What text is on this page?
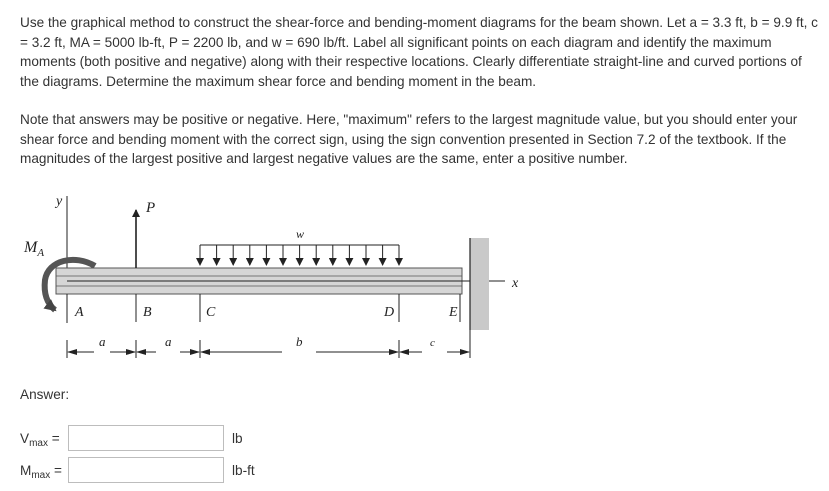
Use the graphical method to construct the shear-force and bending-moment diagrams for the beam shown. Let a = 3.3 ft, b = 9.9 ft, c = 3.2 ft, MA = 5000 lb-ft, P = 2200 lb, and w = 690 lb/ft. Label all significant points on each diagram and identify the maximum moments (both positive and negative) along with their respective locations. Clearly differentiate straight-line and curved portions of the diagrams. Determine the maximum shear force and bending moment in the beam.

Note that answers may be positive or negative. Here, "maximum" refers to the largest magnitude value, but you should enter your shear force and bending moment with the correct sign, using the sign convention presented in Section 7.2 of the textbook. If the magnitudes of the largest positive and largest negative values are the same, enter a positive number.

y
$M_A$
x
P
w
A	B	C	D	E
a	a	b	c
Answer:
$V_{max}$ =	lb
$M_{max}$ =	lb-ft
